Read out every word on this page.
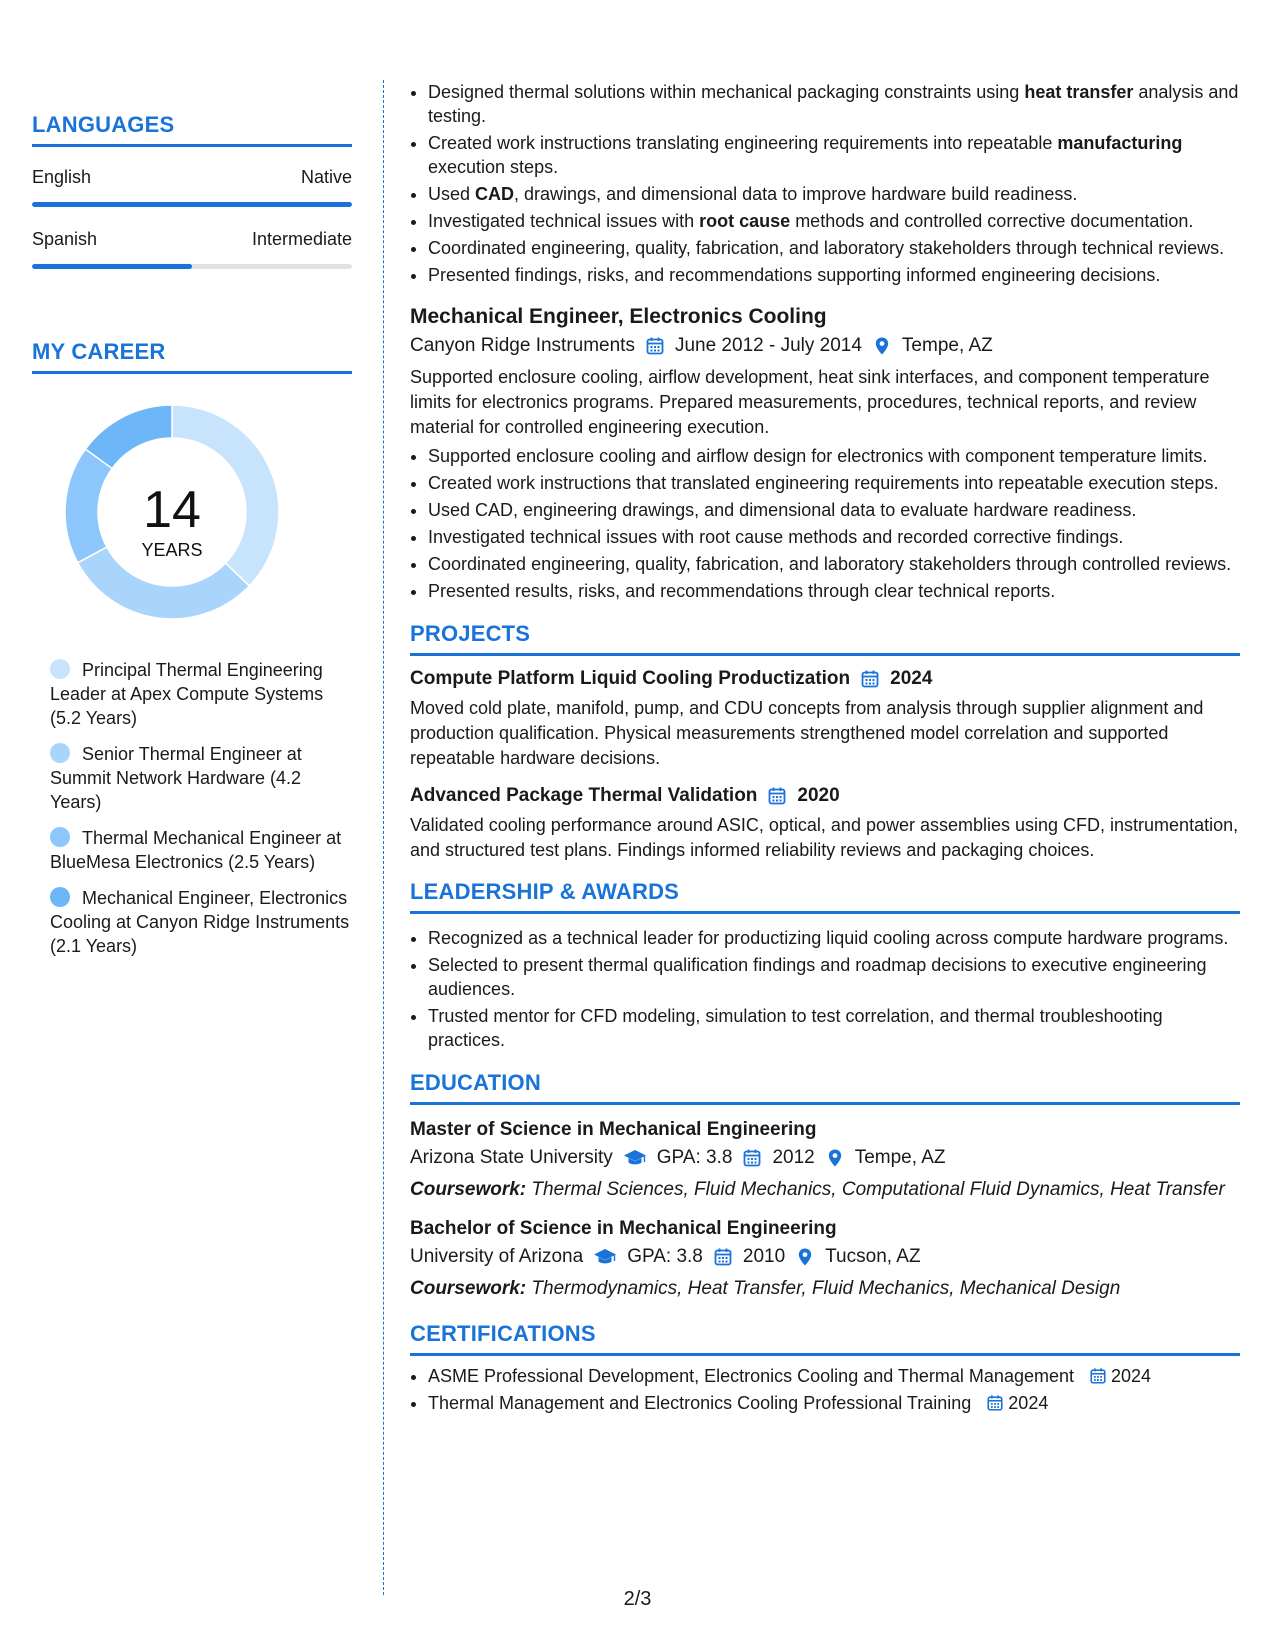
LANGUAGES
English	Native
Spanish	Intermediate
MY CAREER
14
YEARS
Principal Thermal Engineering Leader at Apex Compute Systems (5.2 Years)
Senior Thermal Engineer at Summit Network Hardware (4.2 Years)
Thermal Mechanical Engineer at BlueMesa Electronics (2.5 Years)
Mechanical Engineer, Electronics Cooling at Canyon Ridge Instruments (2.1 Years)
• Designed thermal solutions within mechanical packaging constraints using heat transfer analysis and testing.
• Created work instructions translating engineering requirements into repeatable manufacturing execution steps.
• Used CAD, drawings, and dimensional data to improve hardware build readiness.
• Investigated technical issues with root cause methods and controlled corrective documentation.
• Coordinated engineering, quality, fabrication, and laboratory stakeholders through technical reviews.
• Presented findings, risks, and recommendations supporting informed engineering decisions.
Mechanical Engineer, Electronics Cooling
Canyon Ridge Instruments June 2012 - July 2014 Tempe, AZ

Supported enclosure cooling, airflow development, heat sink interfaces, and component temperature limits for electronics programs. Prepared measurements, procedures, technical reports, and review material for controlled engineering execution.

• Supported enclosure cooling and airflow design for electronics with component temperature limits.
• Created work instructions that translated engineering requirements into repeatable execution steps.
• Used CAD, engineering drawings, and dimensional data to evaluate hardware readiness.
• Investigated technical issues with root cause methods and recorded corrective findings.
• Coordinated engineering, quality, fabrication, and laboratory stakeholders through controlled reviews.
• Presented results, risks, and recommendations through clear technical reports.
PROJECTS
Compute Platform Liquid Cooling Productization 2024

Moved cold plate, manifold, pump, and CDU concepts from analysis through supplier alignment and production qualification. Physical measurements strengthened model correlation and supported repeatable hardware decisions.

Advanced Package Thermal Validation 2020

Validated cooling performance around ASIC, optical, and power assemblies using CFD, instrumentation, and structured test plans. Findings informed reliability reviews and packaging choices.

LEADERSHIP & AWARDS
• Recognized as a technical leader for productizing liquid cooling across compute hardware programs.
• Selected to present thermal qualification findings and roadmap decisions to executive engineering audiences.
• Trusted mentor for CFD modeling, simulation to test correlation, and thermal troubleshooting practices.
EDUCATION
Master of Science in Mechanical Engineering
Arizona State University GPA: 3.8 2012 Tempe, AZ

Coursework: Thermal Sciences, Fluid Mechanics, Computational Fluid Dynamics, Heat Transfer

Bachelor of Science in Mechanical Engineering
University of Arizona GPA: 3.8 2010 Tucson, AZ

Coursework: Thermodynamics, Heat Transfer, Fluid Mechanics, Mechanical Design

CERTIFICATIONS
• ASME Professional Development, Electronics Cooling and Thermal Management 2024
• Thermal Management and Electronics Cooling Professional Training 2024
2/3
